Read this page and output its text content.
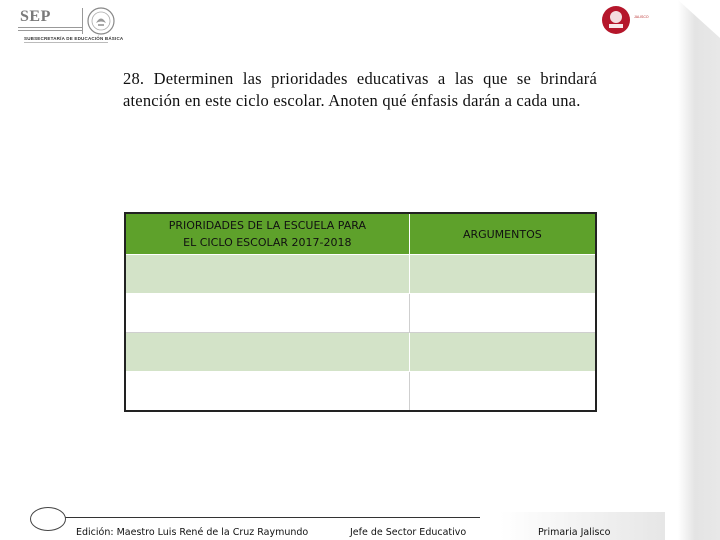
SEP
SUBSECRETARÍA DE EDUCACIÓN BÁSICA
JALISCO
28. Determinen las prioridades educativas a las que se brindará atención en este ciclo escolar. Anoten qué énfasis darán a cada una.
PRIORIDADES DE LA ESCUELA PARA
EL CICLO ESCOLAR 2017-2018	ARGUMENTOS

Edición: Maestro Luis René de la Cruz Raymundo	Jefe de Sector Educativo	Primaria Jalisco
